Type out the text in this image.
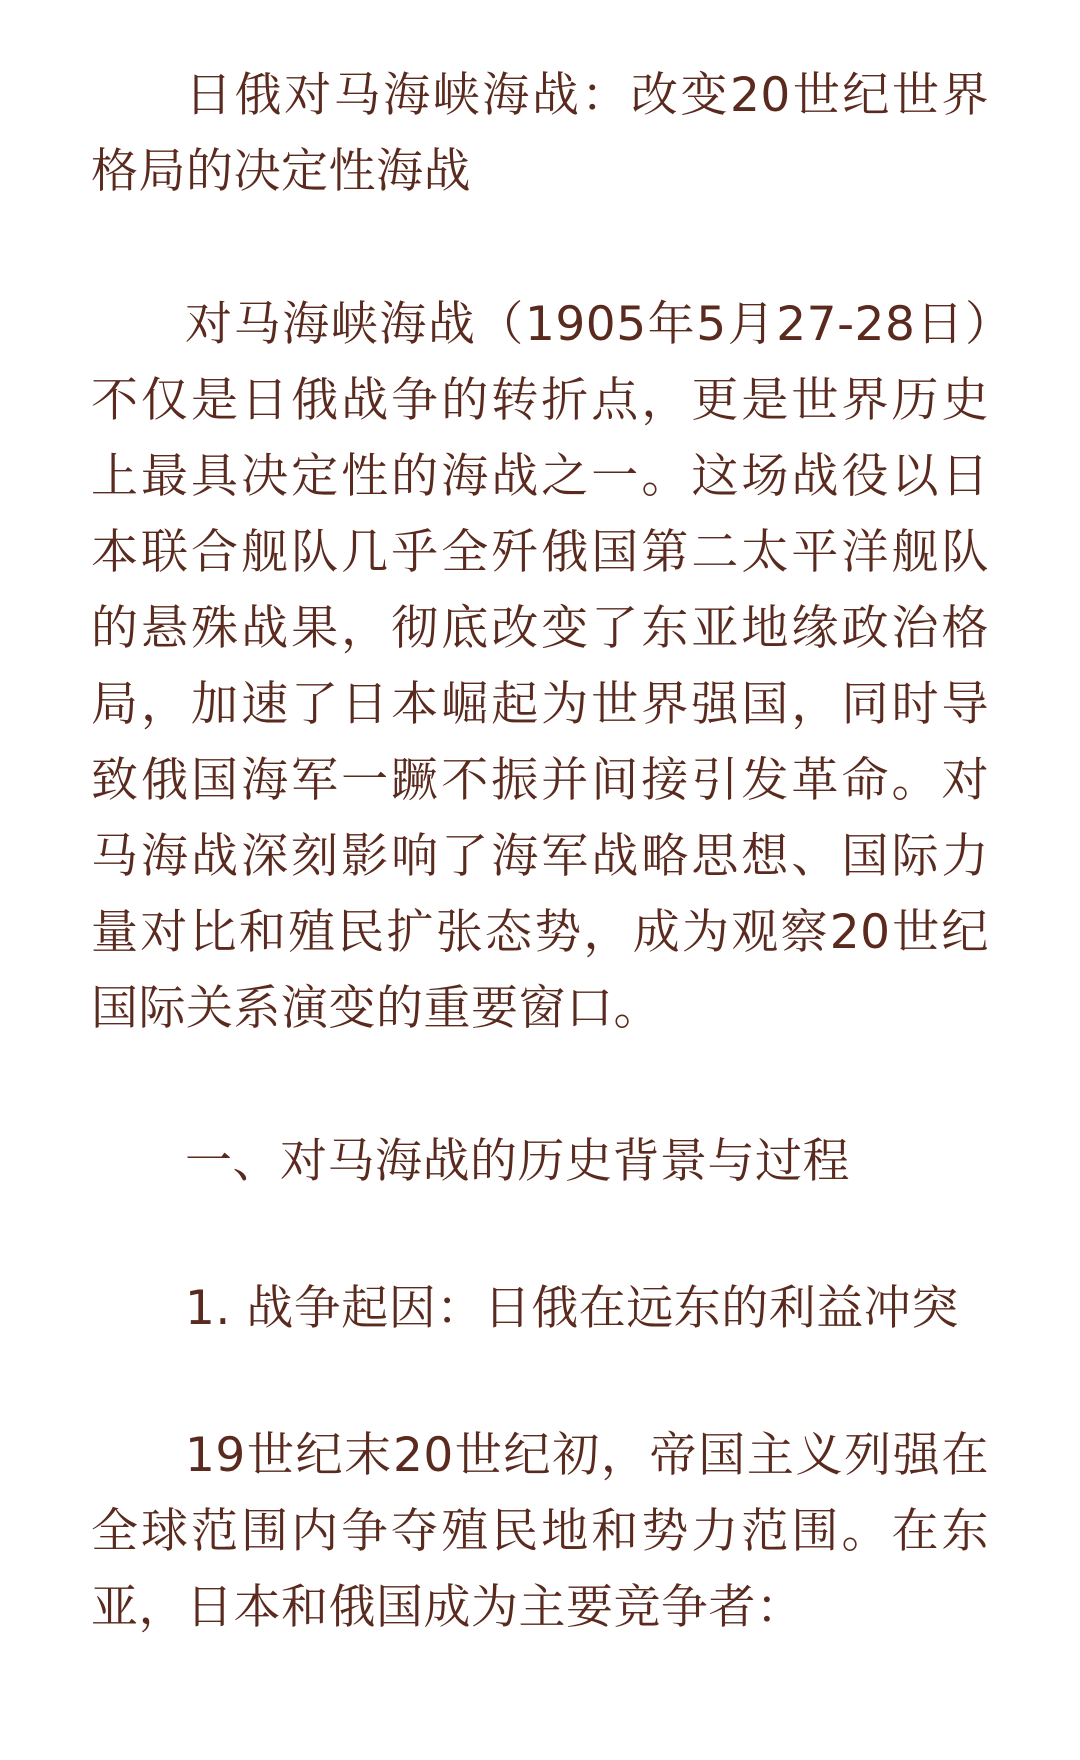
日俄对马海峡海战：改变20世纪世界格局的决定性海战

对马海峡海战（1905年5月27-28日）不仅是日俄战争的转折点，更是世界历史上最具决定性的海战之一。这场战役以日本联合舰队几乎全歼俄国第二太平洋舰队的悬殊战果，彻底改变了东亚地缘政治格局，加速了日本崛起为世界强国，同时导致俄国海军一蹶不振并间接引发革命。对马海战深刻影响了海军战略思想、国际力量对比和殖民扩张态势，成为观察20世纪国际关系演变的重要窗口。

一、对马海战的历史背景与过程

1. 战争起因：日俄在远东的利益冲突

19世纪末20世纪初，帝国主义列强在全球范围内争夺殖民地和势力范围。在东亚，日本和俄国成为主要竞争者：
